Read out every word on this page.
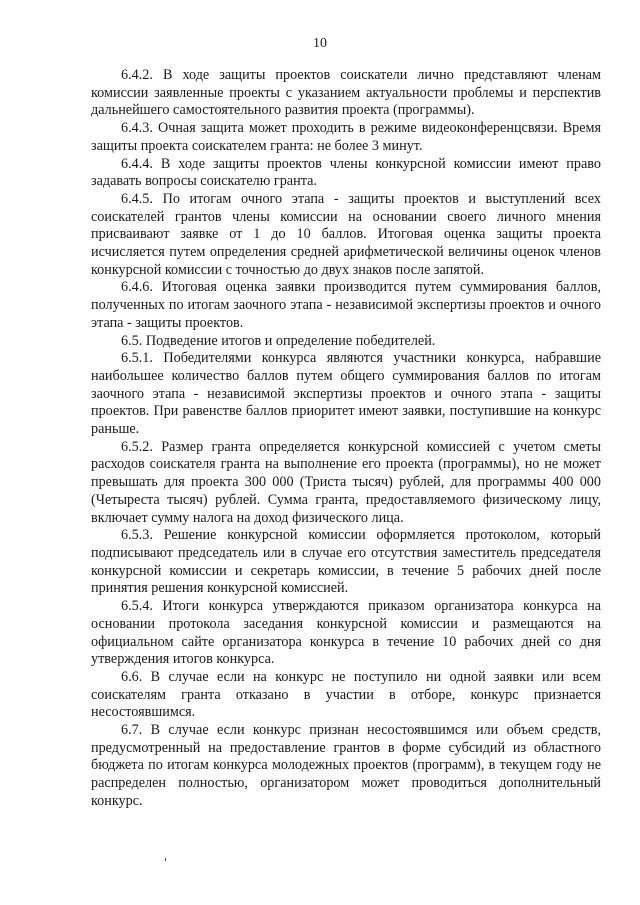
10

6.4.2. В ходе защиты проектов соискатели лично представляют членам комиссии заявленные проекты с указанием актуальности проблемы и перспектив дальнейшего самостоятельного развития проекта (программы).

6.4.3. Очная защита может проходить в режиме видеоконференцсвязи. Время защиты проекта соискателем гранта: не более 3 минут.

6.4.4. В ходе защиты проектов члены конкурсной комиссии имеют право задавать вопросы соискателю гранта.

6.4.5. По итогам очного этапа - защиты проектов и выступлений всех соискателей грантов члены комиссии на основании своего личного мнения присваивают заявке от 1 до 10 баллов. Итоговая оценка защиты проекта исчисляется путем определения средней арифметической величины оценок членов конкурсной комиссии с точностью до двух знаков после запятой.

6.4.6. Итоговая оценка заявки производится путем суммирования баллов, полученных по итогам заочного этапа - независимой экспертизы проектов и очного этапа - защиты проектов.

6.5. Подведение итогов и определение победителей.

6.5.1. Победителями конкурса являются участники конкурса, набравшие наибольшее количество баллов путем общего суммирования баллов по итогам заочного этапа - независимой экспертизы проектов и очного этапа - защиты проектов. При равенстве баллов приоритет имеют заявки, поступившие на конкурс раньше.

6.5.2. Размер гранта определяется конкурсной комиссией с учетом сметы расходов соискателя гранта на выполнение его проекта (программы), но не может превышать для проекта 300 000 (Триста тысяч) рублей, для программы 400 000 (Четыреста тысяч) рублей. Сумма гранта, предоставляемого физическому лицу, включает сумму налога на доход физического лица.

6.5.3. Решение конкурсной комиссии оформляется протоколом, который подписывают председатель или в случае его отсутствия заместитель председателя конкурсной комиссии и секретарь комиссии, в течение 5 рабочих дней после принятия решения конкурсной комиссией.

6.5.4. Итоги конкурса утверждаются приказом организатора конкурса на основании протокола заседания конкурсной комиссии и размещаются на официальном сайте организатора конкурса в течение 10 рабочих дней со дня утверждения итогов конкурса.

6.6. В случае если на конкурс не поступило ни одной заявки или всем соискателям гранта отказано в участии в отборе, конкурс признается несостоявшимся.

6.7. В случае если конкурс признан несостоявшимся или объем средств, предусмотренный на предоставление грантов в форме субсидий из областного бюджета по итогам конкурса молодежных проектов (программ), в текущем году не распределен полностью, организатором может проводиться дополнительный конкурс.
